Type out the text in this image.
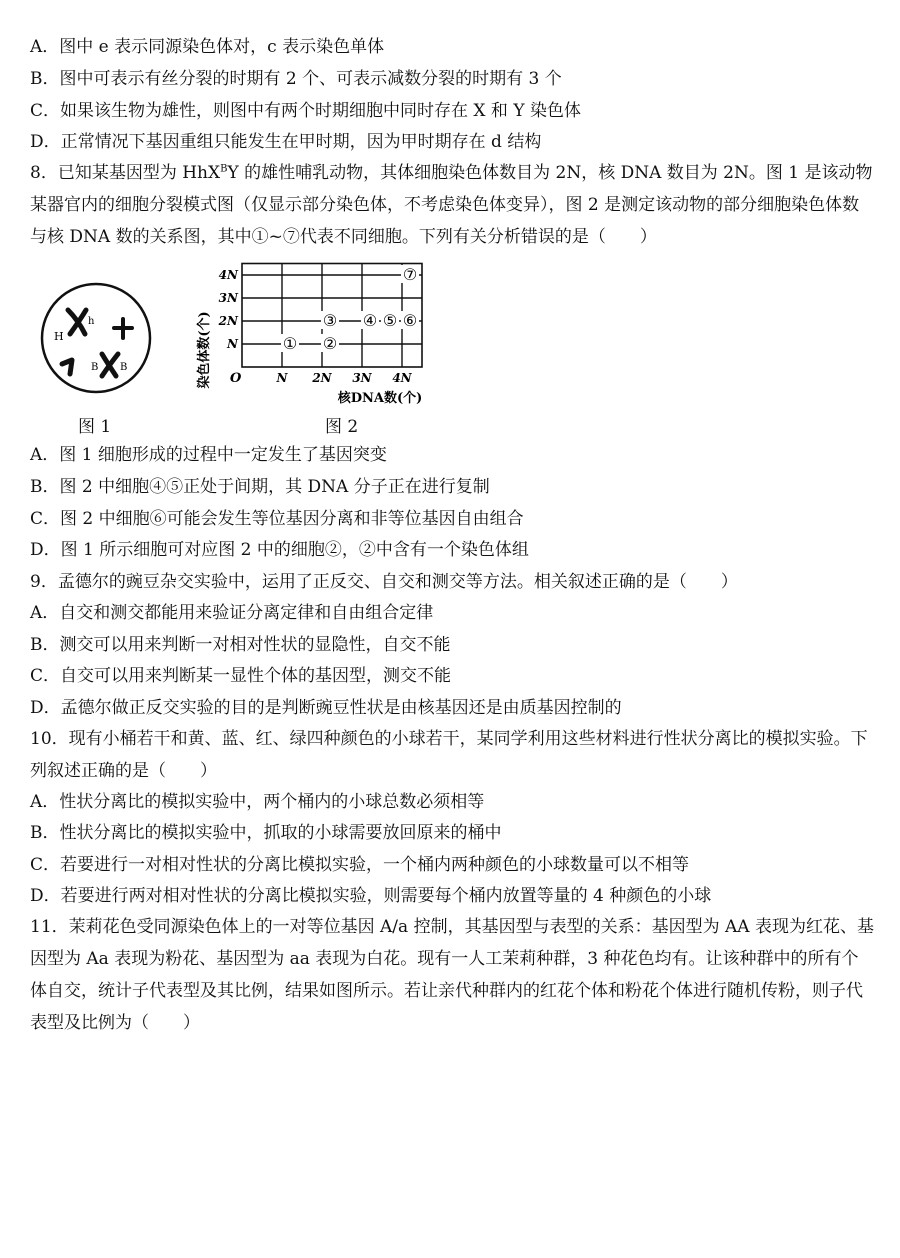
A．图中 e 表示同源染色体对，c 表示染色单体
B．图中可表示有丝分裂的时期有 2 个、可表示减数分裂的时期有 3 个
C．如果该生物为雄性，则图中有两个时期细胞中同时存在 X 和 Y 染色体
D．正常情况下基因重组只能发生在甲时期，因为甲时期存在 d 结构
8．已知某基因型为 HhX$^B$Y 的雄性哺乳动物，其体细胞染色体数目为 2N，核 DNA 数目为 2N。图 1 是该动物某器官内的细胞分裂模式图（仅显示部分染色体，不考虑染色体变异），图 2 是测定该动物的部分细胞染色体数与核 DNA 数的关系图，其中①~⑦代表不同细胞。下列有关分析错误的是（　　）
h
H
B B
图 1
染色体数(个)
核DNA数(个)
O	N 2N 3N 4N
N
2N
3N
4N
① ②
③ ④ ⑤ ⑥
⑦
图 2
A．图 1 细胞形成的过程中一定发生了基因突变
B．图 2 中细胞④⑤正处于间期，其 DNA 分子正在进行复制
C．图 2 中细胞⑥可能会发生等位基因分离和非等位基因自由组合
D．图 1 所示细胞可对应图 2 中的细胞②，②中含有一个染色体组
9．孟德尔的豌豆杂交实验中，运用了正反交、自交和测交等方法。相关叙述正确的是（　　）
A．自交和测交都能用来验证分离定律和自由组合定律
B．测交可以用来判断一对相对性状的显隐性，自交不能
C．自交可以用来判断某一显性个体的基因型，测交不能
D．孟德尔做正反交实验的目的是判断豌豆性状是由核基因还是由质基因控制的
10．现有小桶若干和黄、蓝、红、绿四种颜色的小球若干，某同学利用这些材料进行性状分离比的模拟实验。下列叙述正确的是（　　）
A．性状分离比的模拟实验中，两个桶内的小球总数必须相等
B．性状分离比的模拟实验中，抓取的小球需要放回原来的桶中
C．若要进行一对相对性状的分离比模拟实验，一个桶内两种颜色的小球数量可以不相等
D．若要进行两对相对性状的分离比模拟实验，则需要每个桶内放置等量的 4 种颜色的小球
11．茉莉花色受同源染色体上的一对等位基因 A/a 控制，其基因型与表型的关系：基因型为 AA 表现为红花、基因型为 Aa 表现为粉花、基因型为 aa 表现为白花。现有一人工茉莉种群，3 种花色均有。让该种群中的所有个体自交，统计子代表型及其比例，结果如图所示。若让亲代种群内的红花个体和粉花个体进行随机传粉，则子代表型及比例为（　　）
